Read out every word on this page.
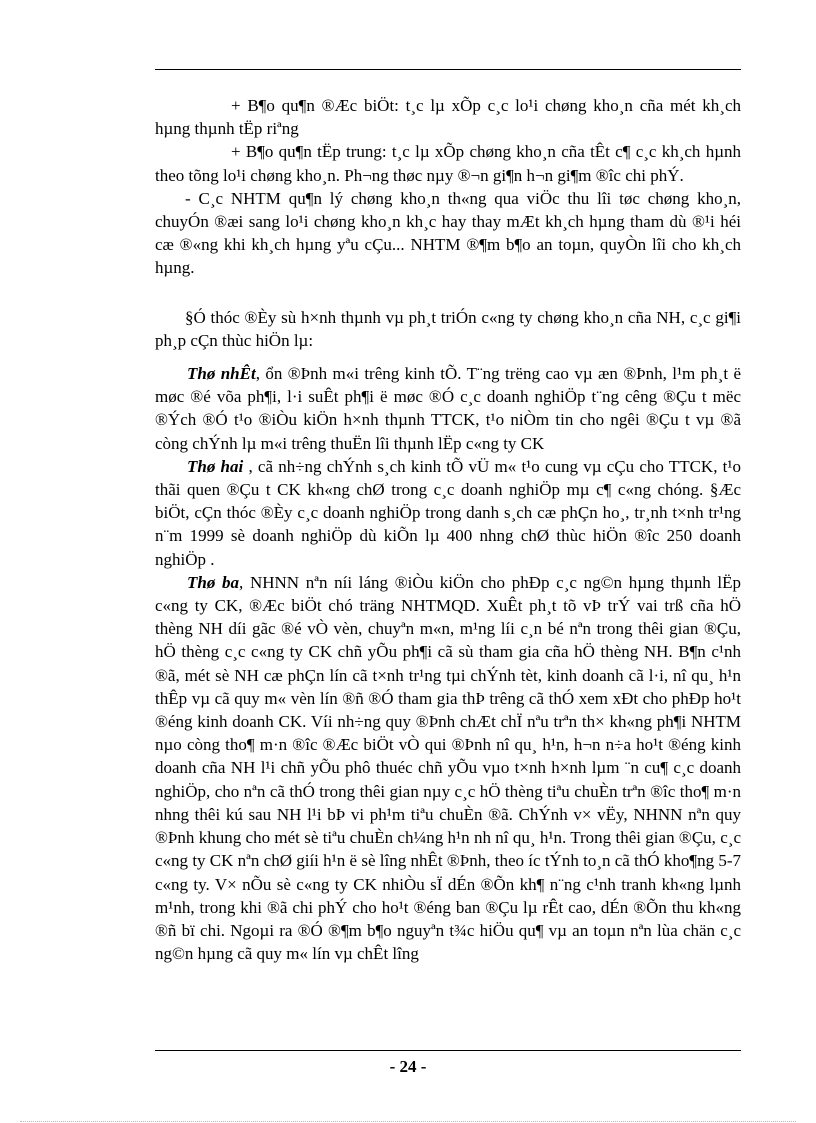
+ B¶o qu¶n ®Æc biÖt: t¸c lµ xÕp c¸c lo¹i chøng kho¸n cña mét kh¸ch hµng thµnh tËp riªng

+ B¶o qu¶n tËp trung: t¸c lµ xÕp chøng kho¸n cña tÊt c¶ c¸c kh¸ch hµnh theo tõng lo¹i chøng kho¸n. Ph¬ng thøc nµy ®¬n gi¶n h¬n gi¶m ®îc chi phÝ.

- C¸c NHTM qu¶n lý chøng kho¸n th«ng qua viÖc thu lîi tøc chøng kho¸n, chuyÓn ®æi sang lo¹i chøng kho¸n kh¸c hay thay mÆt kh¸ch hµng tham dù ®¹i héi cæ ®«ng khi kh¸ch hµng yªu cÇu... NHTM ®¶m b¶o an toµn, quyÒn lîi cho kh¸ch hµng.

§Ó thóc ®Èy sù h×nh thµnh vµ ph¸t triÓn c«ng ty chøng kho¸n cña NH, c¸c gi¶i ph¸p cÇn thùc hiÖn lµ:

Thø nhÊt, ổn ®Þnh m«i trêng kinh tÕ. T¨ng trëng cao vµ æn ®Þnh, l¹m ph¸t ë møc ®é võa ph¶i, l·i suÊt ph¶i ë møc ®Ó c¸c doanh nghiÖp t¨ng cêng ®Çu t mëc ®Ých ®Ó t¹o ®iÒu kiÖn h×nh thµnh TTCK, t¹o niÒm tin cho ngêi ®Çu t vµ ®ã còng chÝnh lµ m«i trêng thuËn lîi thµnh lËp c«ng ty CK

Thø hai , cã nh÷ng chÝnh s¸ch kinh tÕ vÜ m« t¹o cung vµ cÇu cho TTCK, t¹o thãi quen ®Çu t CK kh«ng chØ trong c¸c doanh nghiÖp mµ c¶ c«ng chóng. §Æc biÖt, cÇn thóc ®Èy c¸c doanh nghiÖp trong danh s¸ch cæ phÇn ho¸, tr¸nh t×nh tr¹ng n¨m 1999 sè doanh nghiÖp dù kiÕn lµ 400 nhng chØ thùc hiÖn ®îc 250 doanh nghiÖp .

Thø ba, NHNN nªn níi láng ®iÒu kiÖn cho phÐp c¸c ng©n hµng thµnh lËp c«ng ty CK, ®Æc biÖt chó träng NHTMQD. XuÊt ph¸t tõ vÞ trÝ vai trß cña hÖ thèng NH díi gãc ®é vÒ vèn, chuyªn m«n, m¹ng líi c¸n bé nªn trong thêi gian ®Çu, hÖ thèng c¸c c«ng ty CK chñ yÕu ph¶i cã sù tham gia cña hÖ thèng NH. B¶n c¹nh ®ã, mét sè NH cæ phÇn lín cã t×nh tr¹ng tµi chÝnh tèt, kinh doanh cã l·i, nî qu¸ h¹n thÊp vµ cã quy m« vèn lín ®ñ ®Ó tham gia thÞ trêng cã thÓ xem xÐt cho phÐp ho¹t ®éng kinh doanh CK. Víi nh÷ng quy ®Þnh chÆt chÏ nªu trªn th× kh«ng ph¶i NHTM nµo còng tho¶ m·n ®îc ®Æc biÖt vÒ qui ®Þnh nî qu¸ h¹n, h¬n n÷a ho¹t ®éng kinh doanh cña NH l¹i chñ yÕu phô thuéc chñ yÕu vµo t×nh h×nh lµm ¨n cu¶ c¸c doanh nghiÖp, cho nªn cã thÓ trong thêi gian nµy c¸c hÖ thèng tiªu chuÈn trªn ®îc tho¶ m·n nhng thêi kú sau NH l¹i bÞ vi ph¹m tiªu chuÈn ®ã. ChÝnh v× vËy, NHNN nªn quy ®Þnh khung cho mét sè tiªu chuÈn ch¼ng h¹n nh nî qu¸ h¹n. Trong thêi gian ®Çu, c¸c c«ng ty CK nªn chØ giíi h¹n ë sè lîng nhÊt ®Þnh, theo íc tÝnh to¸n cã thÓ kho¶ng 5-7 c«ng ty. V× nÕu sè c«ng ty CK nhiÒu sÏ dÉn ®Õn kh¶ n¨ng c¹nh tranh kh«ng lµnh m¹nh, trong khi ®ã chi phÝ cho ho¹t ®éng ban ®Çu lµ rÊt cao, dÉn ®Õn thu kh«ng ®ñ bï chi. Ngoµi ra ®Ó ®¶m b¶o nguyªn t¾c hiÖu qu¶ vµ an toµn nªn lùa chän c¸c ng©n hµng cã quy m« lín vµ chÊt lîng

- 24 -
